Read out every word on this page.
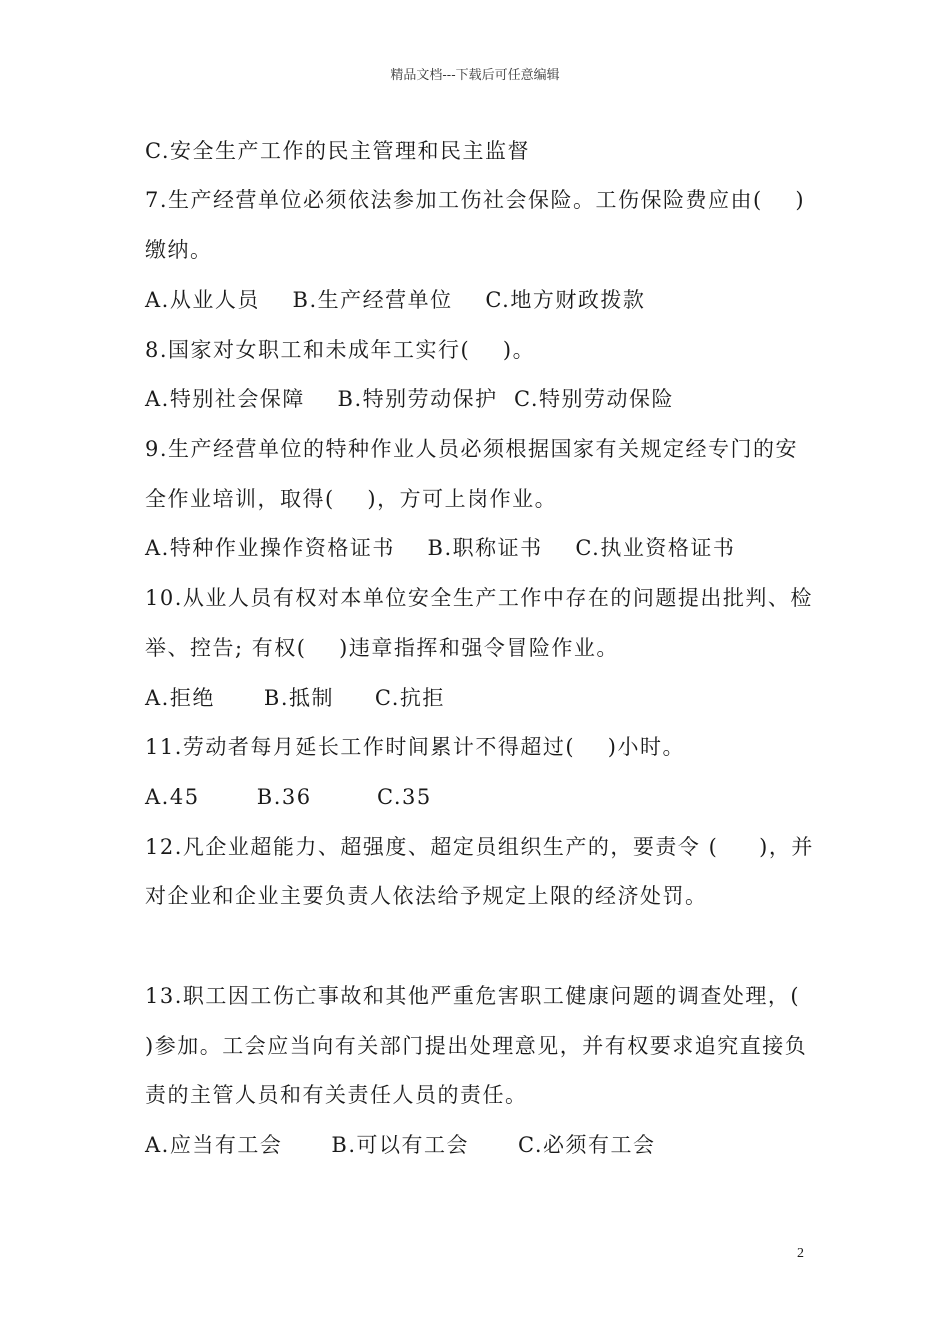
精品文档---下载后可任意编辑
C.安全生产工作的民主管理和民主监督
7.生产经营单位必须依法参加工伤社会保险。工伤保险费应由(    )
缴纳。
A.从业人员    B.生产经营单位    C.地方财政拨款
8.国家对女职工和未成年工实行(    )。
A.特别社会保障    B.特别劳动保护  C.特别劳动保险
9.生产经营单位的特种作业人员必须根据国家有关规定经专门的安
全作业培训，取得(    )，方可上岗作业。
A.特种作业操作资格证书    B.职称证书    C.执业资格证书
10.从业人员有权对本单位安全生产工作中存在的问题提出批判、检
举、控告; 有权(    )违章指挥和强令冒险作业。
A.拒绝      B.抵制     C.抗拒
11.劳动者每月延长工作时间累计不得超过(    )小时。
A.45       B.36        C.35
12.凡企业超能力、超强度、超定员组织生产的，要责令 (     )，并
对企业和企业主要负责人依法给予规定上限的经济处罚。
13.职工因工伤亡事故和其他严重危害职工健康问题的调查处理，(
)参加。工会应当向有关部门提出处理意见，并有权要求追究直接负
责的主管人员和有关责任人员的责任。
A.应当有工会      B.可以有工会      C.必须有工会
2
